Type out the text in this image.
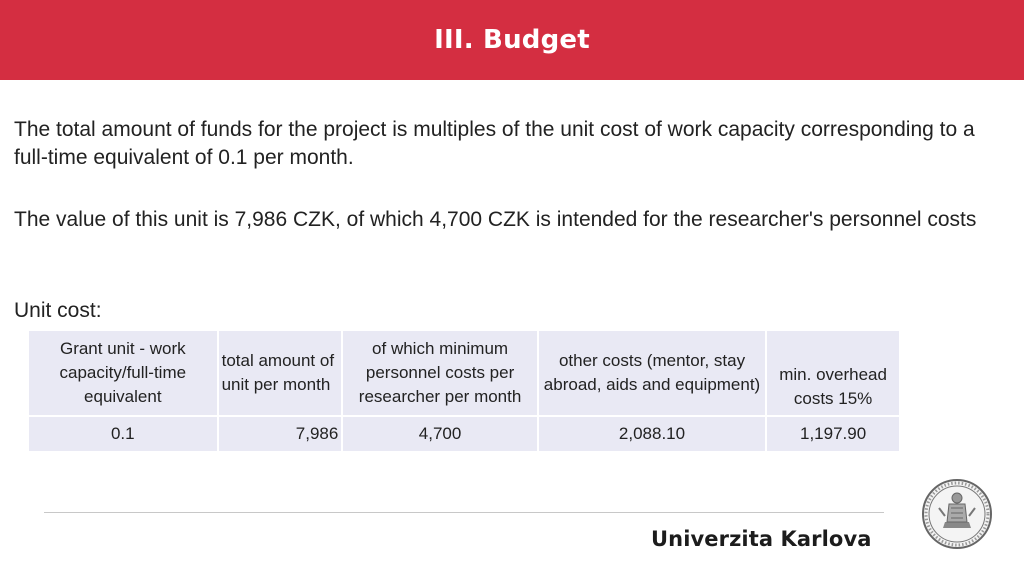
III. Budget
The total amount of funds for the project is multiples of the unit cost of work capacity corresponding to a full-time equivalent of 0.1 per month.
The value of this unit is 7,986 CZK, of which 4,700 CZK is intended for the researcher's personnel costs
Unit cost:
Grant unit - work capacity/full-time equivalent	total amount of unit per month	of which minimum personnel costs per researcher per month	other costs (mentor, stay abroad, aids and equipment)	min. overhead costs 15%
0.1	7,986	4,700	2,088.10	1,197.90
Univerzita Karlova
